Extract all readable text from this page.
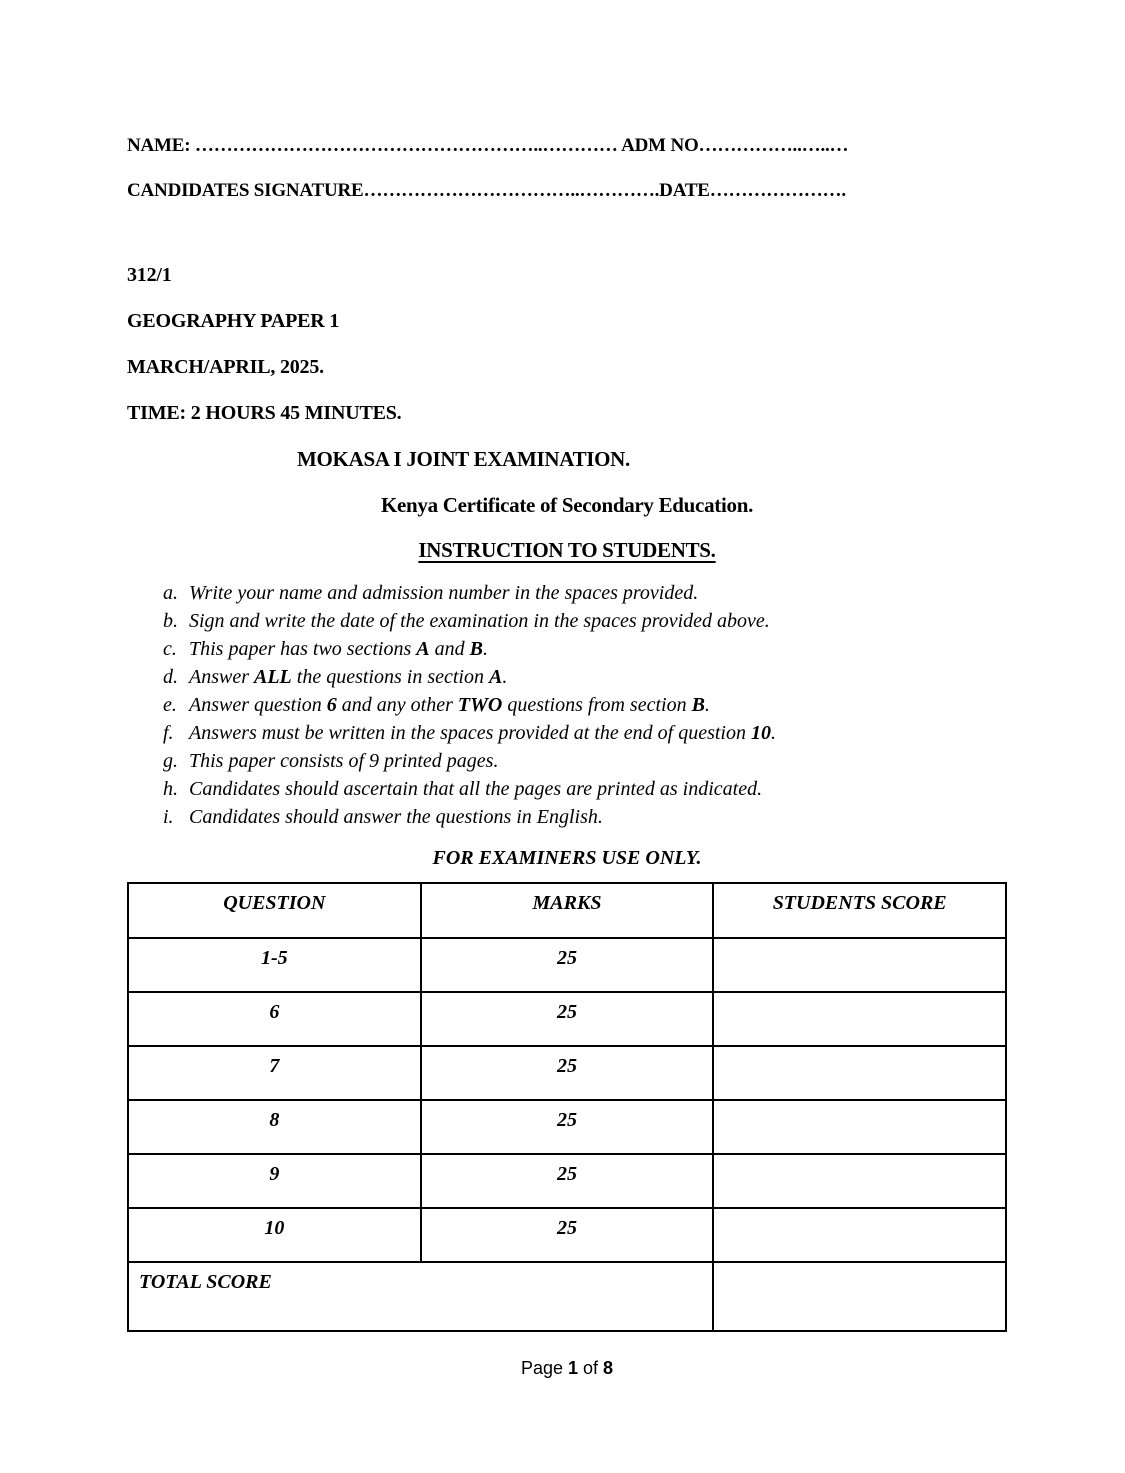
NAME: ………………………………………………..………… ADM NO……………..…..…
CANDIDATES SIGNATURE……………………………..………….DATE………………….
312/1
GEOGRAPHY PAPER 1
MARCH/APRIL, 2025.
TIME: 2 HOURS 45 MINUTES.
MOKASA I JOINT EXAMINATION.
Kenya Certificate of Secondary Education.
INSTRUCTION TO STUDENTS.
a. Write your name and admission number in the spaces provided.
b. Sign and write the date of the examination in the spaces provided above.
c. This paper has two sections A and B.
d. Answer ALL the questions in section A.
e. Answer question 6 and any other TWO questions from section B.
f. Answers must be written in the spaces provided at the end of question 10.
g. This paper consists of 9 printed pages.
h. Candidates should ascertain that all the pages are printed as indicated.
i. Candidates should answer the questions in English.
FOR EXAMINERS USE ONLY.
QUESTION	MARKS	STUDENTS SCORE
1-5	25	
6	25	
7	25	
8	25	
9	25	
10	25	
TOTAL SCORE		
Page 1 of 8
